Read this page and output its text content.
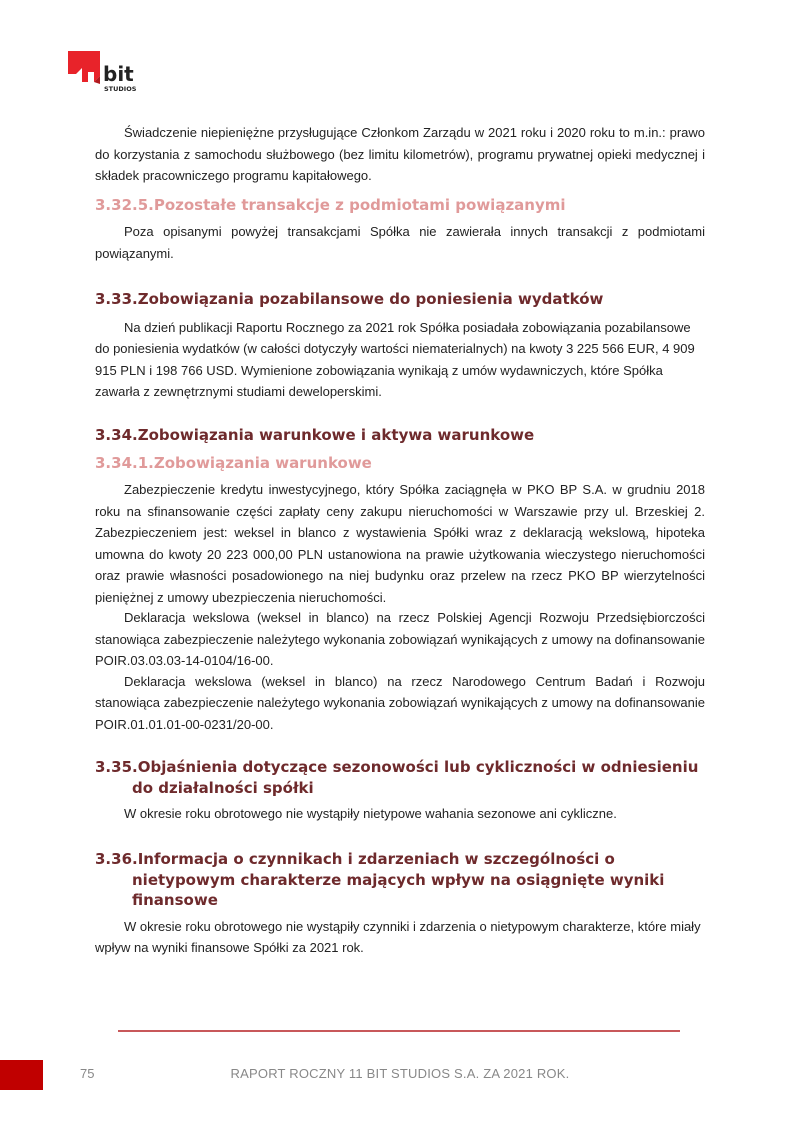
bit
STUDIOS

Świadczenie niepieniężne przysługujące Członkom Zarządu w 2021 roku i 2020 roku to m.in.: prawo do korzystania z samochodu służbowego (bez limitu kilometrów), programu prywatnej opieki medycznej i składek pracowniczego programu kapitałowego.

3.32.5.Pozostałe transakcje z podmiotami powiązanymi

Poza opisanymi powyżej transakcjami Spółka nie zawierała innych transakcji z podmiotami powiązanymi.

3.33.Zobowiązania pozabilansowe do poniesienia wydatków

Na dzień publikacji Raportu Rocznego za 2021 rok Spółka posiadała zobowiązania pozabilansowe do poniesienia wydatków (w całości dotyczyły wartości niematerialnych) na kwoty 3 225 566 EUR, 4 909 915 PLN i 198 766 USD. Wymienione zobowiązania wynikają z umów wydawniczych, które Spółka zawarła z zewnętrznymi studiami deweloperskimi.

3.34.Zobowiązania warunkowe i aktywa warunkowe
3.34.1.Zobowiązania warunkowe

Zabezpieczenie kredytu inwestycyjnego, który Spółka zaciągnęła w PKO BP S.A. w grudniu 2018 roku na sfinansowanie części zapłaty ceny zakupu nieruchomości w Warszawie przy ul. Brzeskiej 2. Zabezpieczeniem jest: weksel in blanco z wystawienia Spółki wraz z deklaracją wekslową, hipoteka umowna do kwoty 20 223 000,00 PLN ustanowiona na prawie użytkowania wieczystego nieruchomości oraz prawie własności posadowionego na niej budynku oraz przelew na rzecz PKO BP wierzytelności pieniężnej z umowy ubezpieczenia nieruchomości.

Deklaracja wekslowa (weksel in blanco) na rzecz Polskiej Agencji Rozwoju Przedsiębiorczości stanowiąca zabezpieczenie należytego wykonania zobowiązań wynikających z umowy na dofinansowanie POIR.03.03.03-14-0104/16-00.

Deklaracja wekslowa (weksel in blanco) na rzecz Narodowego Centrum Badań i Rozwoju stanowiąca zabezpieczenie należytego wykonania zobowiązań wynikających z umowy na dofinansowanie POIR.01.01.01-00-0231/20-00.

3.35.Objaśnienia dotyczące sezonowości lub cykliczności w odniesieniu do działalności spółki

W okresie roku obrotowego nie wystąpiły nietypowe wahania sezonowe ani cykliczne.

3.36.Informacja o czynnikach i zdarzeniach w szczególności o nietypowym charakterze mających wpływ na osiągnięte wyniki finansowe

W okresie roku obrotowego nie wystąpiły czynniki i zdarzenia o nietypowym charakterze, które miały wpływ na wyniki finansowe Spółki za 2021 rok.

75	RAPORT ROCZNY 11 BIT STUDIOS S.A. ZA 2021 ROK.
